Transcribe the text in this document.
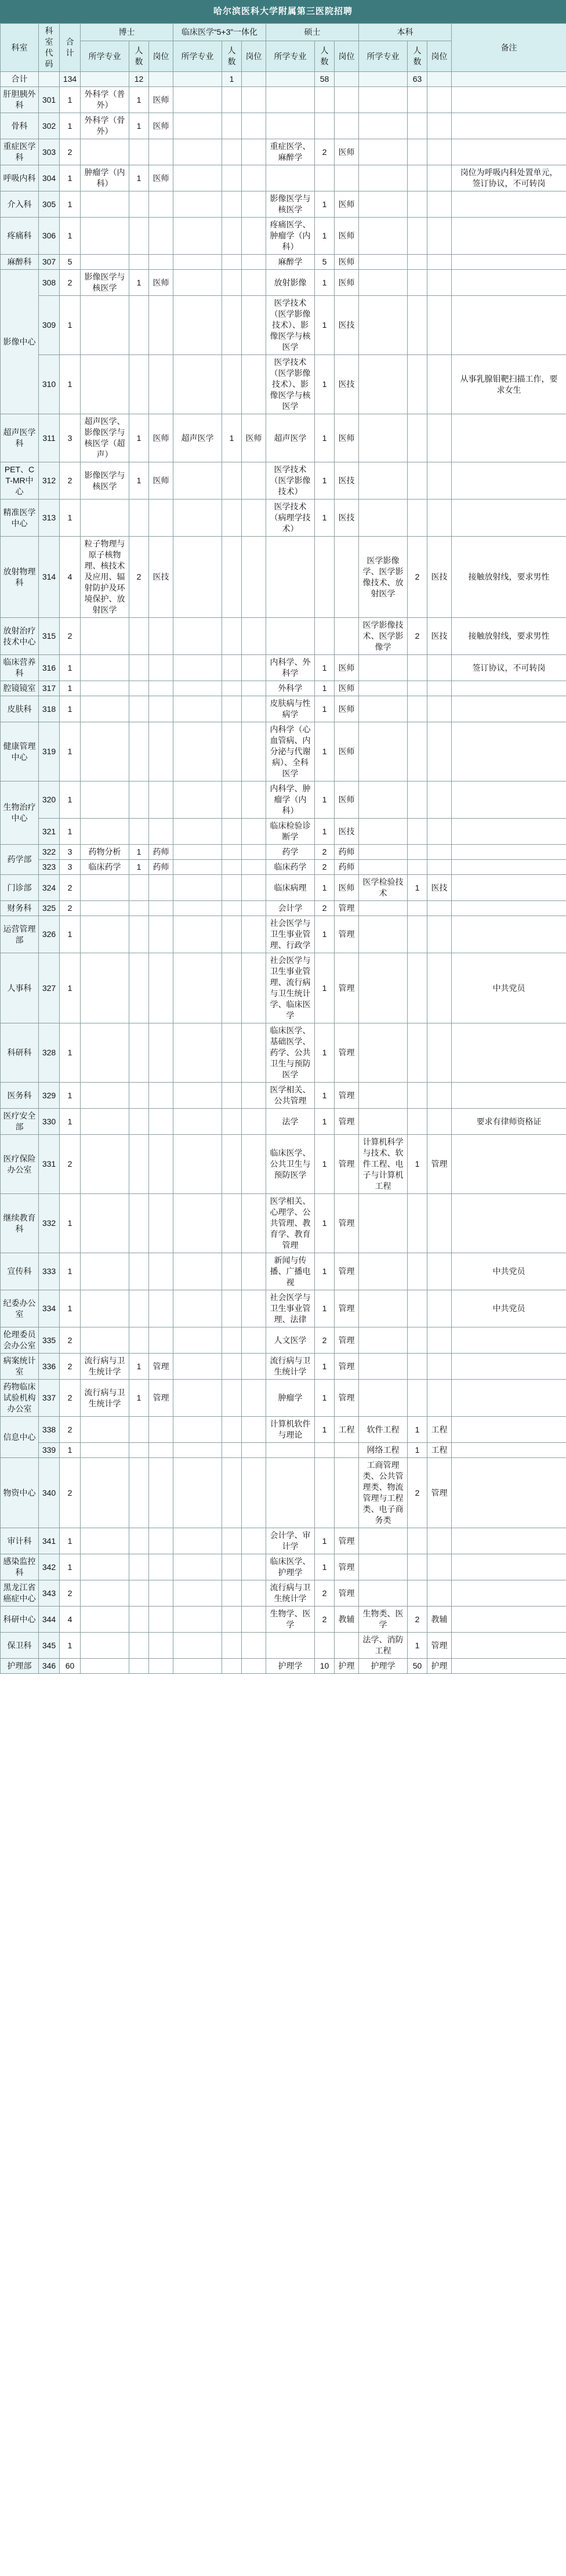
哈尔滨医科大学附属第三医院招聘
科室	科室代码	合计	博士			临床医学“5+3”一体化			硕士			本科			备注
			所学专业	人数	岗位	所学专业	人数	岗位	所学专业	人数	岗位	所学专业	人数	岗位	
合计		134		12			1			58			63		
肝胆胰外科	301	1	外科学（普外）	1	医师										
骨科	302	1	外科学（骨外）	1	医师										
重症医学科	303	2							重症医学、麻醉学	2	医师				
呼吸内科	304	1	肿瘤学（内科）	1	医师										岗位为呼吸内科处置单元，签订协议，不可转岗
介入科	305	1							影像医学与核医学	1	医师				
疼痛科	306	1							疼痛医学、肿瘤学（内科）	1	医师				
麻醉科	307	5							麻醉学	5	医师				
影像中心	308	2	影像医学与核医学	1	医师				放射影像	1	医师				
	309	1							医学技术（医学影像技术）、影像医学与核医学	1	医技				
	310	1							医学技术（医学影像技术）、影像医学与核医学	1	医技				从事乳腺钼靶扫描工作，要求女生
超声医学科	311	3	超声医学、影像医学与核医学（超声）	1	医师	超声医学	1	医师	超声医学	1	医师				
PET、CT-MR中心	312	2	影像医学与核医学	1	医师				医学技术（医学影像技术）	1	医技				
精准医学中心	313	1							医学技术（病理学技术）	1	医技				
放射物理科	314	4	粒子物理与原子核物理、核技术及应用、辐射防护及环境保护、放射医学	2	医技							医学影像学、医学影像技术、放射医学	2	医技	接触放射线，要求男性
放射治疗技术中心	315	2										医学影像技术、医学影像学	2	医技	接触放射线，要求男性
临床营养科	316	1							内科学、外科学	1	医师				签订协议，不可转岗
腔镜镜室	317	1							外科学	1	医师				
皮肤科	318	1							皮肤病与性病学	1	医师				
健康管理中心	319	1							内科学（心血管病、内分泌与代谢病）、全科医学	1	医师				
生物治疗中心	320	1							内科学、肿瘤学（内科）	1	医师				
	321	1							临床检验诊断学	1	医技				
药学部	322	3	药物分析	1	药师				药学	2	药师				
	323	3	临床药学	1	药师				临床药学	2	药师				
门诊部	324	2							临床病理	1	医师	医学检验技术	1	医技	
财务科	325	2							会计学	2	管理				
运营管理部	326	1							社会医学与卫生事业管理、行政学	1	管理				
人事科	327	1							社会医学与卫生事业管理、流行病与卫生统计学、临床医学	1	管理				中共党员
科研科	328	1							临床医学、基础医学、药学、公共卫生与预防医学	1	管理				
医务科	329	1							医学相关、公共管理	1	管理				
医疗安全部	330	1							法学	1	管理				要求有律师资格证
医疗保险办公室	331	2							临床医学、公共卫生与预防医学	1	管理	计算机科学与技术、软件工程、电子与计算机工程	1	管理	
继续教育科	332	1							医学相关、心理学、公共管理、教育学、教育管理	1	管理				
宣传科	333	1							新闻与传播、广播电视	1	管理				中共党员
纪委办公室	334	1							社会医学与卫生事业管理、法律	1	管理				中共党员
伦理委员会办公室	335	2							人文医学	2	管理				
病案统计室	336	2	流行病与卫生统计学	1	管理				流行病与卫生统计学	1	管理				
药物临床试验机构办公室	337	2	流行病与卫生统计学	1	管理				肿瘤学	1	管理				
信息中心	338	2							计算机软件与理论	1	工程	软件工程	1	工程	
	339	1										网络工程	1	工程	
物资中心	340	2										工商管理类、公共管理类、物流管理与工程类、电子商务类	2	管理	
审计科	341	1							会计学、审计学	1	管理				
感染监控科	342	1							临床医学、护理学	1	管理				
黑龙江省癌症中心	343	2							流行病与卫生统计学	2	管理				
科研中心	344	4							生物学、医学	2	教辅	生物类、医学	2	教辅	
保卫科	345	1										法学、消防工程	1	管理	
护理部	346	60							护理学	10	护理	护理学	50	护理	
